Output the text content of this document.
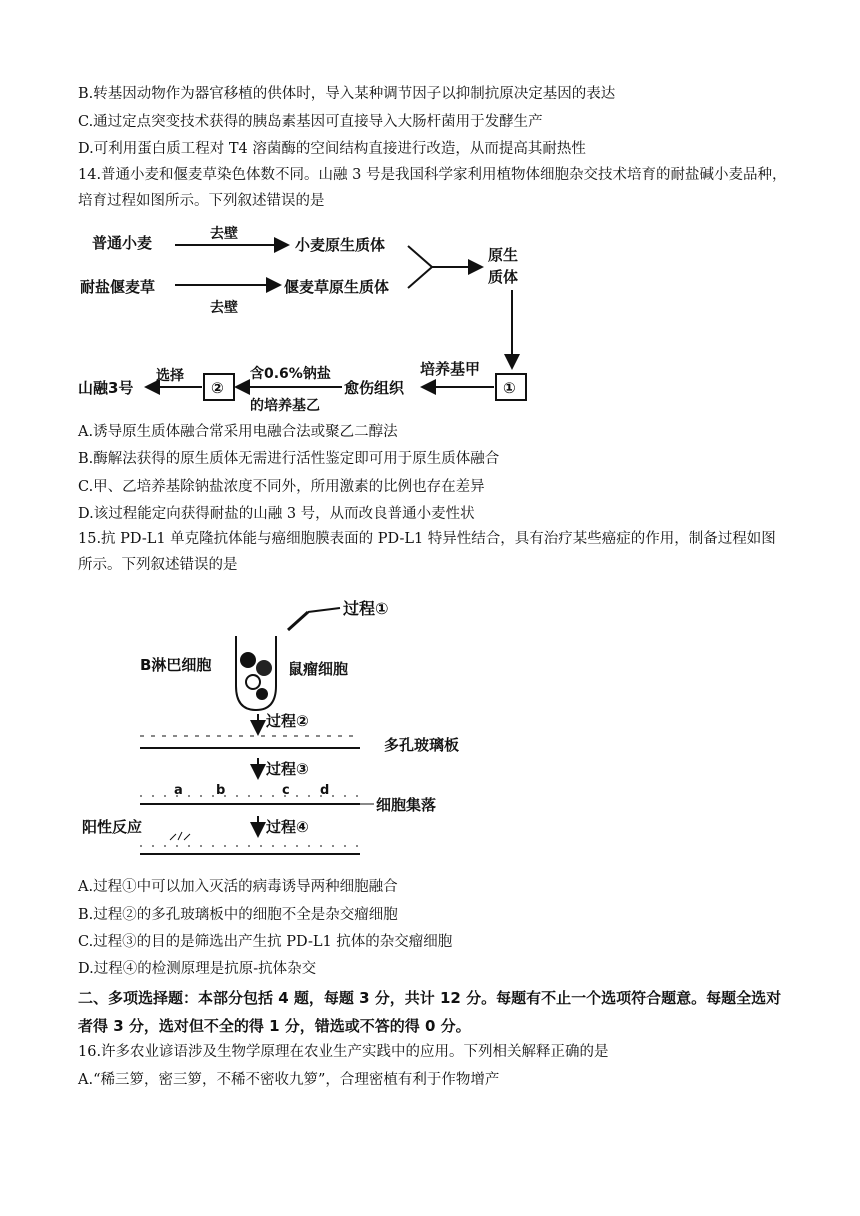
B.转基因动物作为器官移植的供体时，导入某种调节因子以抑制抗原决定基因的表达
C.通过定点突变技术获得的胰岛素基因可直接导入大肠杆菌用于发酵生产
D.可利用蛋白质工程对 T4 溶菌酶的空间结构直接进行改造，从而提高其耐热性
14.普通小麦和偃麦草染色体数不同。山融 3 号是我国科学家利用植物体细胞杂交技术培育的耐盐碱小麦品种，培育过程如图所示。下列叙述错误的是
普通小麦	去壁
小麦原生质体
耐盐偃麦草
去壁
偃麦草原生质体
原生
质体
①
培养基甲
愈伤组织
含0.6%钠盐
的培养基乙
②
选择
山融3号
A.诱导原生质体融合常采用电融合法或聚乙二醇法
B.酶解法获得的原生质体无需进行活性鉴定即可用于原生质体融合
C.甲、乙培养基除钠盐浓度不同外，所用激素的比例也存在差异
D.该过程能定向获得耐盐的山融 3 号，从而改良普通小麦性状
15.抗 PD-L1 单克隆抗体能与癌细胞膜表面的 PD-L1 特异性结合，具有治疗某些癌症的作用，制备过程如图所示。下列叙述错误的是
过程①
B淋巴细胞	鼠瘤细胞
过程②
多孔玻璃板
过程③
a	b	c d
细胞集落
过程④
阳性反应
A.过程①中可以加入灭活的病毒诱导两种细胞融合
B.过程②的多孔玻璃板中的细胞不全是杂交瘤细胞
C.过程③的目的是筛选出产生抗 PD-L1 抗体的杂交瘤细胞
D.过程④的检测原理是抗原-抗体杂交
二、多项选择题：本部分包括 4 题，每题 3 分，共计 12 分。每题有不止一个选项符合题意。每题全选对者得 3 分，选对但不全的得 1 分，错选或不答的得 0 分。
16.许多农业谚语涉及生物学原理在农业生产实践中的应用。下列相关解释正确的是
A.“稀三箩，密三箩，不稀不密收九箩”，合理密植有利于作物增产
